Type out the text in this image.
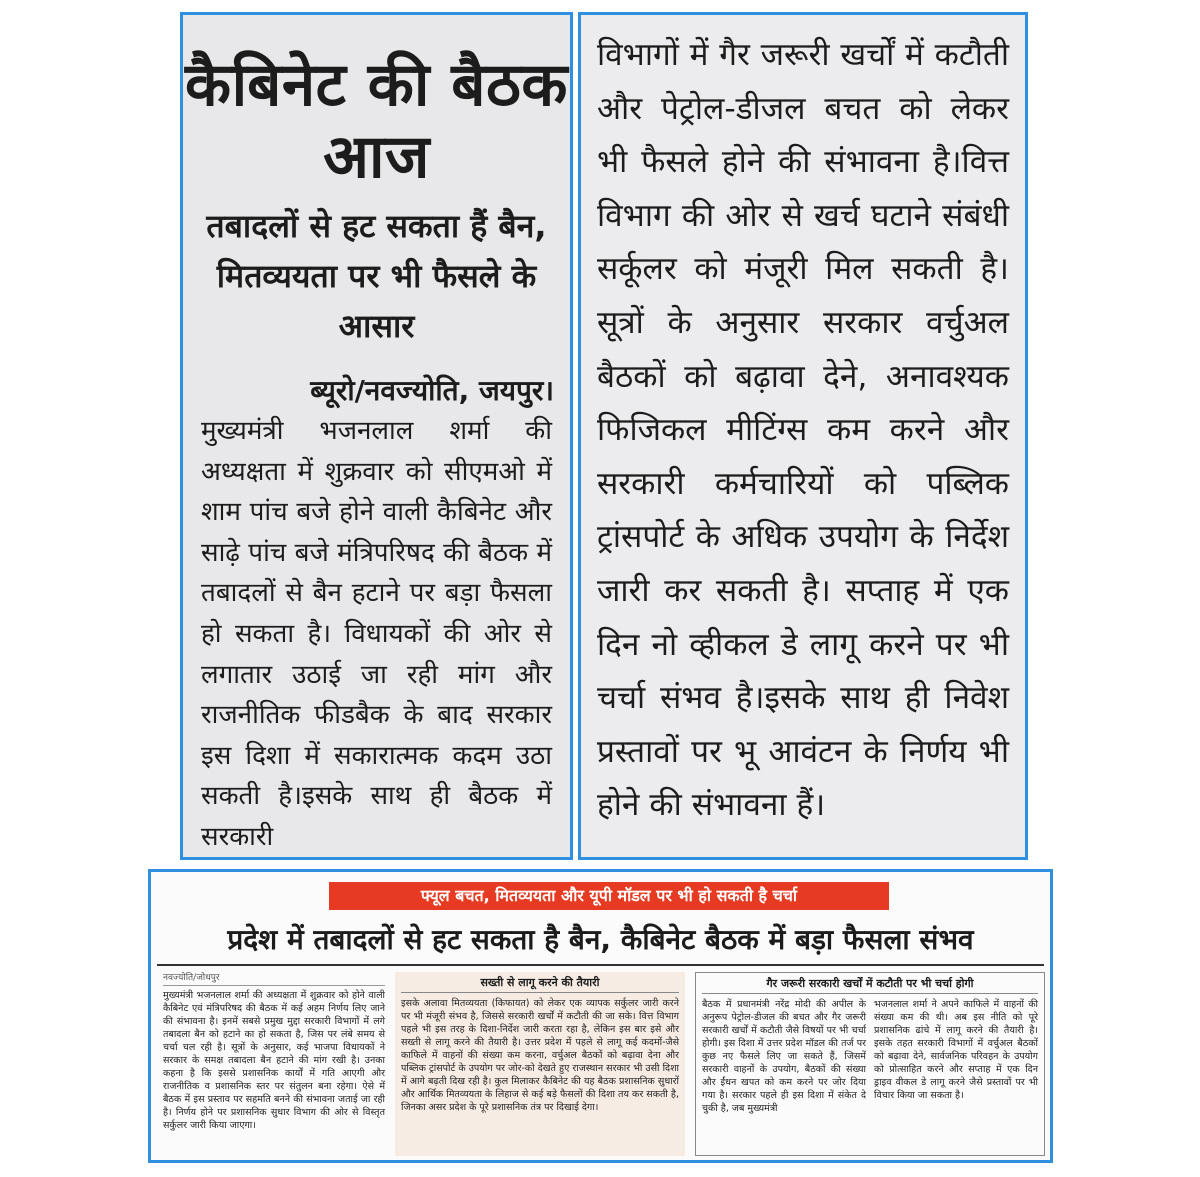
कैबिनेट की बैठक आज
तबादलों से हट सकता हैं बैन, मितव्ययता पर भी फैसले के आसार
ब्यूरो/नवज्योति, जयपुर।
मुख्यमंत्री भजनलाल शर्मा की अध्यक्षता में शुक्रवार को सीएमओ में शाम पांच बजे होने वाली कैबिनेट और साढ़े पांच बजे मंत्रिपरिषद की बैठक में तबादलों से बैन हटाने पर बड़ा फैसला हो सकता है। विधायकों की ओर से लगातार उठाई जा रही मांग और राजनीतिक फीडबैक के बाद सरकार इस दिशा में सकारात्मक कदम उठा सकती है।इसके साथ ही बैठक में सरकारी
विभागों में गैर जरूरी खर्चों में कटौती और पेट्रोल-डीजल बचत को लेकर भी फैसले होने की संभावना है।वित्त विभाग की ओर से खर्च घटाने संबंधी सर्कूलर को मंजूरी मिल सकती है। सूत्रों के अनुसार सरकार वर्चुअल बैठकों को बढ़ावा देने, अनावश्यक फिजिकल मीटिंग्स कम करने और सरकारी कर्मचारियों को पब्लिक ट्रांसपोर्ट के अधिक उपयोग के निर्देश जारी कर सकती है। सप्ताह में एक दिन नो व्हीकल डे लागू करने पर भी चर्चा संभव है।इसके साथ ही निवेश प्रस्तावों पर भू आवंटन के निर्णय भी होने की संभावना हैं।
फ्यूल बचत, मितव्ययता और यूपी मॉडल पर भी हो सकती है चर्चा
प्रदेश में तबादलों से हट सकता है बैन, कैबिनेट बैठक में बड़ा फैसला संभव
नवज्योति/जोधपुर
मुख्यमंत्री भजनलाल शर्मा की अध्यक्षता में शुक्रवार को होने वाली कैबिनेट एवं मंत्रिपरिषद की बैठक में कई अहम निर्णय लिए जाने की संभावना है। इनमें सबसे प्रमुख मुद्दा सरकारी विभागों में लगे तबादला बैन को हटाने का हो सकता है, जिस पर लंबे समय से चर्चा चल रही है। सूत्रों के अनुसार, कई भाजपा विधायकों ने सरकार के समक्ष तबादला बैन हटाने की मांग रखी है। उनका कहना है कि इससे प्रशासनिक कार्यों में गति आएगी और राजनीतिक व प्रशासनिक स्तर पर संतुलन बना रहेगा। ऐसे में बैठक में इस प्रस्ताव पर सहमति बनने की संभावना जताई जा रही है। निर्णय होने पर प्रशासनिक सुधार विभाग की ओर से विस्तृत सर्कुलर जारी किया जाएगा।
सख्ती से लागू करने की तैयारी
इसके अलावा मितव्ययता (किफायत) को लेकर एक व्यापक सर्कुलर जारी करने पर भी मंजूरी संभव है, जिससे सरकारी खर्चों में कटौती की जा सके। वित्त विभाग पहले भी इस तरह के दिशा-निर्देश जारी करता रहा है, लेकिन इस बार इसे और सख्ती से लागू करने की तैयारी है। उत्तर प्रदेश में पहले से लागू कई कदमों-जैसे काफिले में वाहनों की संख्या कम करना, वर्चुअल बैठकों को बढ़ावा देना और पब्लिक ट्रांसपोर्ट के उपयोग पर जोर-को देखते हुए राजस्थान सरकार भी उसी दिशा में आगे बढ़ती दिख रही है। कुल मिलाकर कैबिनेट की यह बैठक प्रशासनिक सुधारों और आर्थिक मितव्ययता के लिहाज से कई बड़े फैसलों की दिशा तय कर सकती है, जिनका असर प्रदेश के पूरे प्रशासनिक तंत्र पर दिखाई देगा।
गैर जरूरी सरकारी खर्चों में कटौती पर भी चर्चा होगी
बैठक में प्रधानमंत्री नरेंद्र मोदी की अपील के अनुरूप पेट्रोल-डीजल की बचत और गैर जरूरी सरकारी खर्चों में कटौती जैसे विषयों पर भी चर्चा होगी। इस दिशा में उत्तर प्रदेश मॉडल की तर्ज पर कुछ नए फैसले लिए जा सकते हैं, जिसमें सरकारी वाहनों के उपयोग, बैठकों की संख्या और ईंधन खपत को कम करने पर जोर दिया गया है। सरकार पहले ही इस दिशा में संकेत दे चुकी है, जब मुख्यमंत्री
भजनलाल शर्मा ने अपने काफिले में वाहनों की संख्या कम की थी। अब इस नीति को पूरे प्रशासनिक ढांचे में लागू करने की तैयारी है। इसके तहत सरकारी विभागों में वर्चुअल बैठकों को बढ़ावा देने, सार्वजनिक परिवहन के उपयोग को प्रोत्साहित करने और सप्ताह में एक दिन ड्राइव वीकल डे लागू करने जैसे प्रस्तावों पर भी विचार किया जा सकता है।
